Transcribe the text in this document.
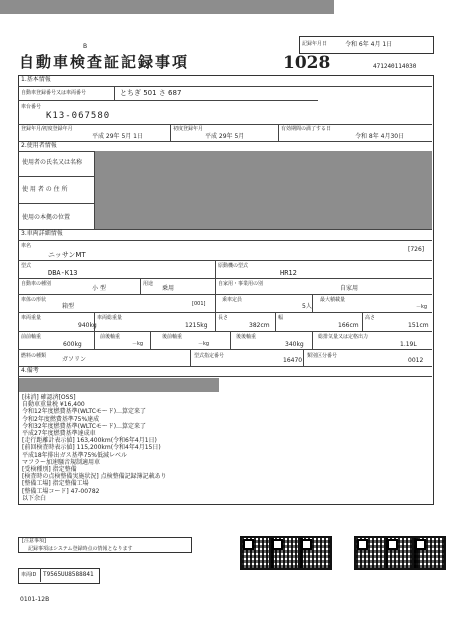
B
自動車検査証記録事項	1028
記録年月日	令和 6年 4月 1日
471240114030
1.基本情報
自動車登録番号又は車両番号	とちぎ 501 さ 687
車台番号
K13-067580
登録年月/初度登録年月
平成 29年 5月 1日
初度登録年月
平成 29年 5月
有効期間の満了する日
令和 8年 4月30日
2.使用者情報
使用者の氏名又は名称
使 用 者 の 住 所
使用の本拠の位置
3.車両詳細情報
車名
ニッサンMT
[726]
型式
DBA-K13
原動機の型式
HR12
自動車の種別
小 型
用途
乗用
自家用・事業用の別
自家用
車体の形状
箱型	[001]
乗車定員
5人
最大積載量
－kg
車両重量
940kg
車両総重量
1215kg
長さ
382cm
幅
166cm
高さ
151cm
前前軸重
600kg
前後軸重
－kg
後前軸重
－kg
後後軸重
340kg
総排気量又は定格出力
1.19L
燃料の種類	ガソリン	型式指定番号
16470
類別区分番号
0012
4.備考
[抹消] 確認済[OSS]
自動車重量税 ¥16,400
令和12年度燃費基準(WLTCモード)…算定来了
令和2年度燃費基準75%達成
令和32年度燃費基準(WLTCモード)…算定来了
平成27年度燃費基準達成車
[走行距離計表示値] 163,400km(令和6年4月1日)
[前回検査時表示値] 115,200km(令和4年4月15日)
平成18年排出ガス基準75%低減レベル
マフラー加速騒音規制適用車
[受検種別] 指定整備
[検査時の点検整備実施状況] 点検整備記録簿記載あり
[整備工場] 指定整備工場
[整備工場コード] 47-00782
以下余白
[注意事項]
記録事項はシステム登録時点の情報となります
車両ID T9565UU8588841
0101-12B
